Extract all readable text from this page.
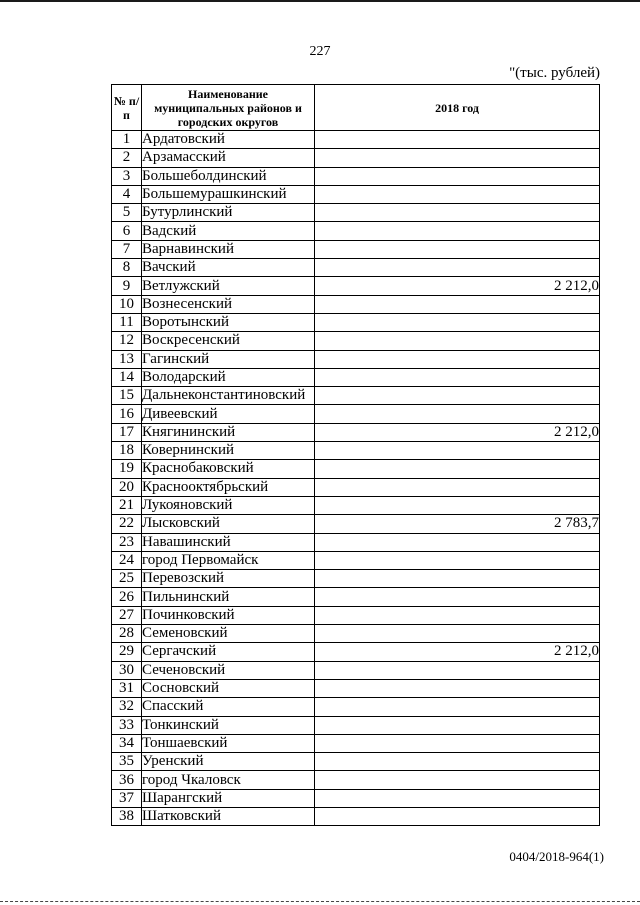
227
"(тыс. рублей)
№ п/п	Наименование муниципальных районов и городских округов	2018 год
1	Ардатовский	
2	Арзамасский	
3	Большеболдинский	
4	Большемурашкинский	
5	Бутурлинский	
6	Вадский	
7	Варнавинский	
8	Вачский	
9	Ветлужский	2 212,0
10	Вознесенский	
11	Воротынский	
12	Воскресенский	
13	Гагинский	
14	Володарский	
15	Дальнеконстантиновский	
16	Дивеевский	
17	Княгининский	2 212,0
18	Ковернинский	
19	Краснобаковский	
20	Краснооктябрьский	
21	Лукояновский	
22	Лысковский	2 783,7
23	Навашинский	
24	город Первомайск	
25	Перевозский	
26	Пильнинский	
27	Починковский	
28	Семеновский	
29	Сергачский	2 212,0
30	Сеченовский	
31	Сосновский	
32	Спасский	
33	Тонкинский	
34	Тоншаевский	
35	Уренский	
36	город Чкаловск	
37	Шарангский	
38	Шатковский	
0404/2018-964(1)
